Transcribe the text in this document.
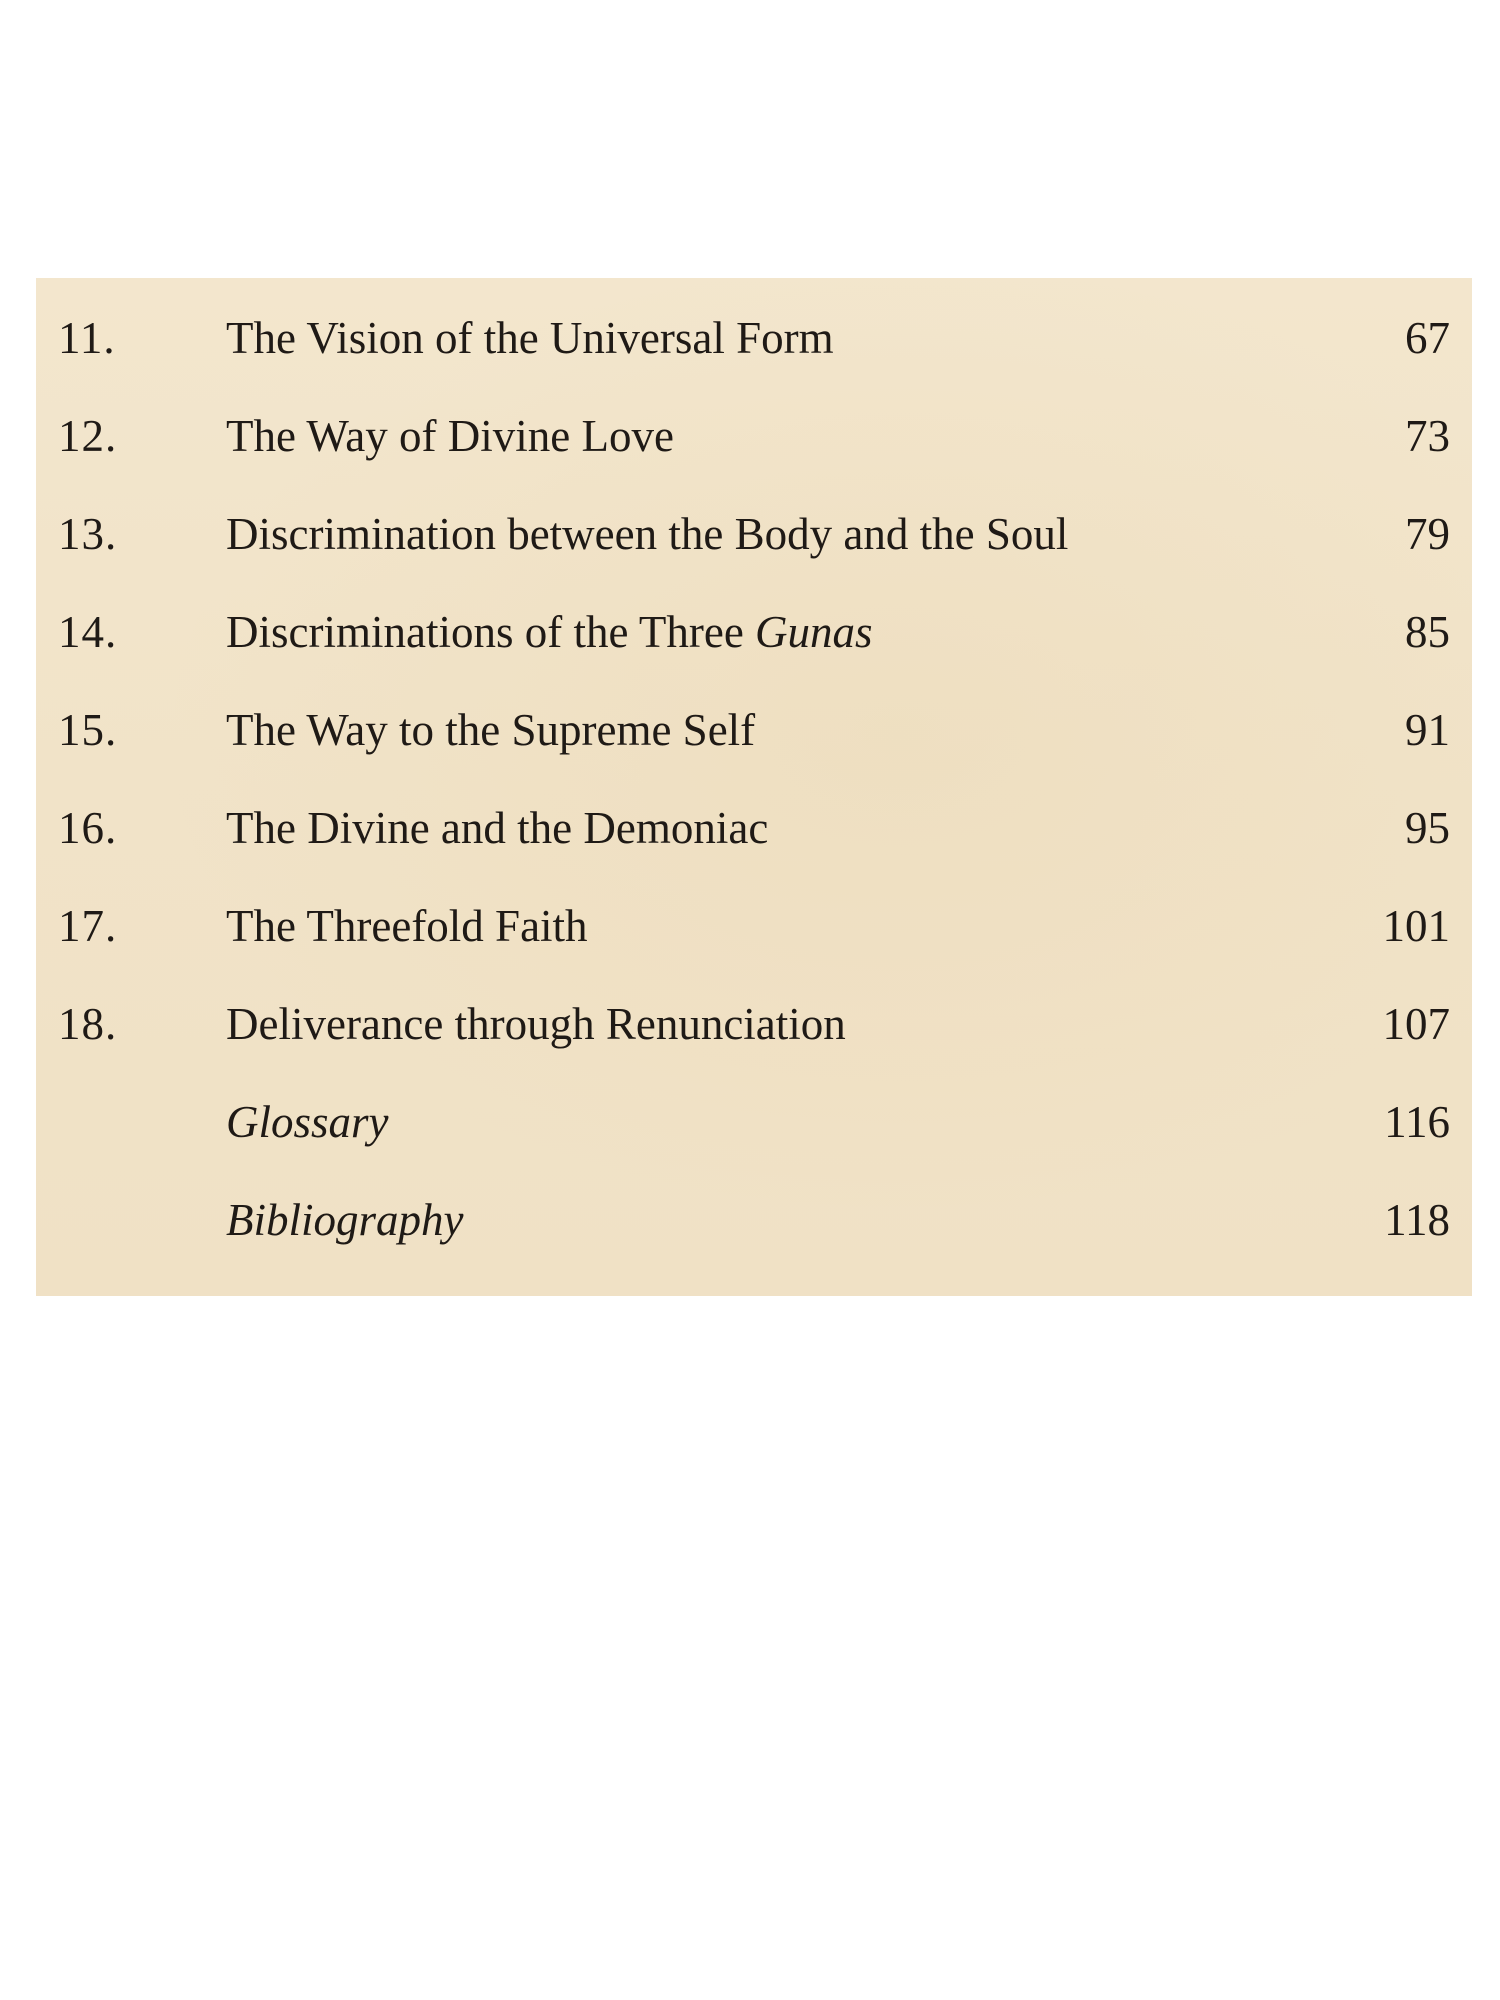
11. The Vision of the Universal Form	67
12. The Way of Divine Love	73
13. Discrimination between the Body and the Soul	79
14. Discriminations of the Three Gunas	85
15. The Way to the Supreme Self	91
16. The Divine and the Demoniac	95
17. The Threefold Faith	101
18. Deliverance through Renunciation	107
Glossary	116
Bibliography	118
